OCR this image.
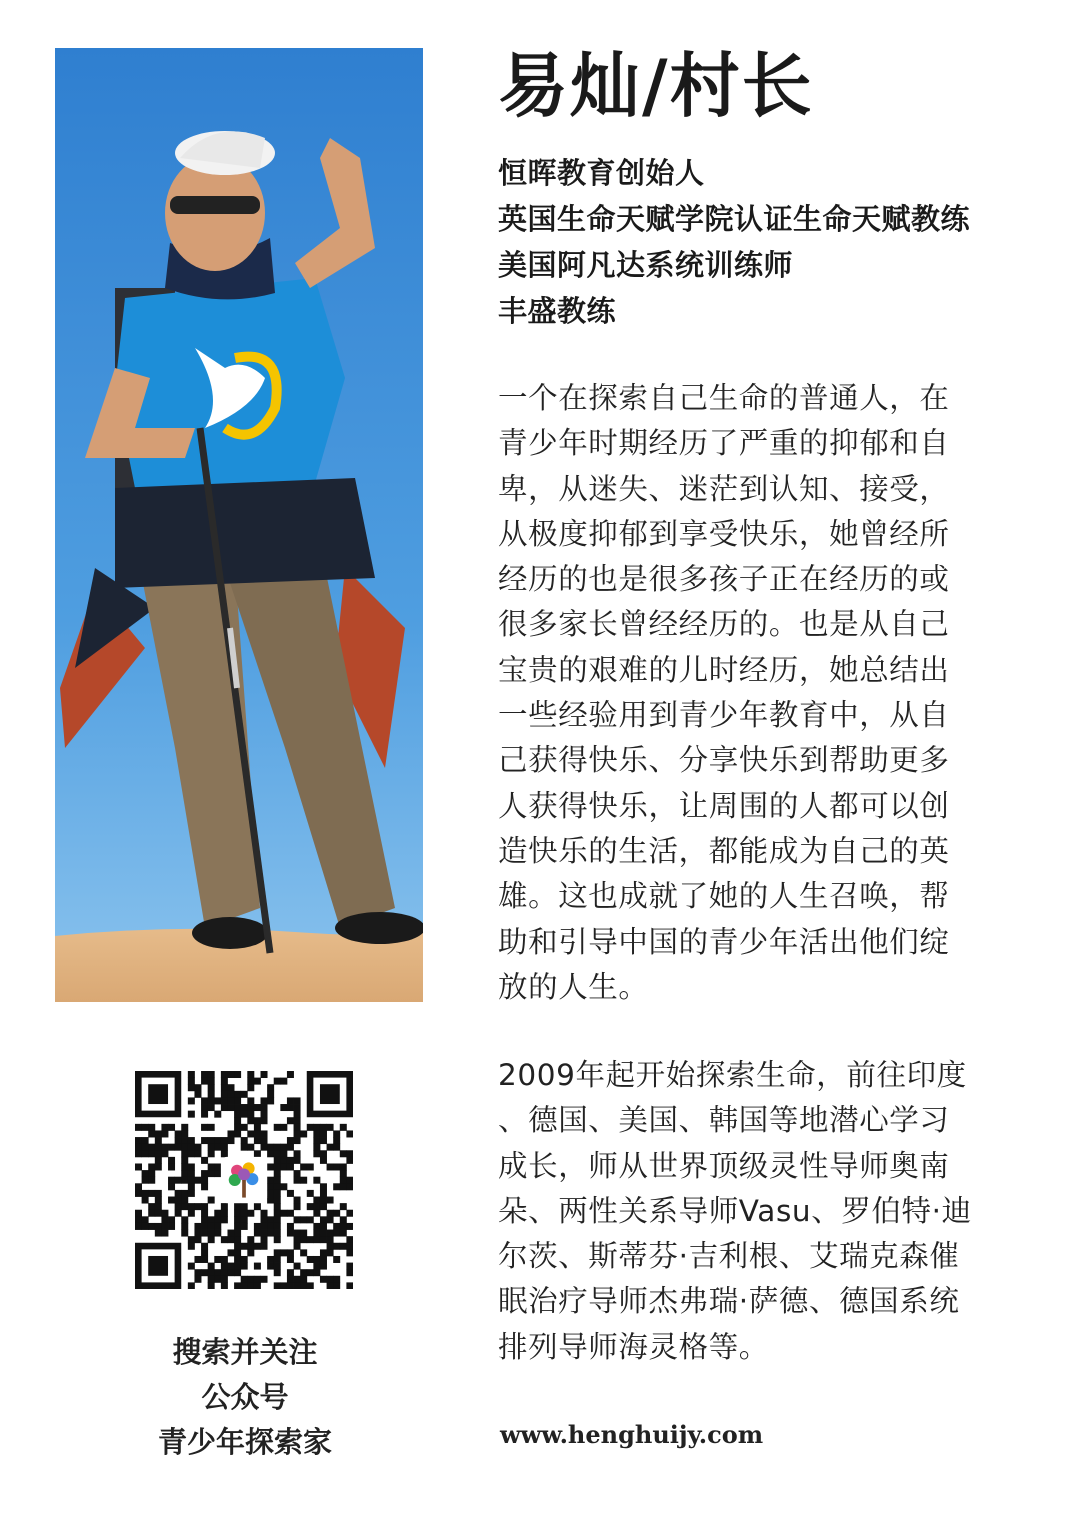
易灿/村长
恒晖教育创始人
英国生命天赋学院认证生命天赋教练
美国阿凡达系统训练师
丰盛教练
一个在探索自己生命的普通人，在
青少年时期经历了严重的抑郁和自
卑，从迷失、迷茫到认知、接受，
从极度抑郁到享受快乐，她曾经所
经历的也是很多孩子正在经历的或
很多家长曾经经历的。也是从自己
宝贵的艰难的儿时经历，她总结出
一些经验用到青少年教育中，从自
己获得快乐、分享快乐到帮助更多
人获得快乐，让周围的人都可以创
造快乐的生活，都能成为自己的英
雄。这也成就了她的人生召唤，帮
助和引导中国的青少年活出他们绽
放的人生。
2009年起开始探索生命，前往印度
、德国、美国、韩国等地潜心学习
成长，师从世界顶级灵性导师奥南
朵、两性关系导师Vasu、罗伯特·迪
尔茨、斯蒂芬·吉利根、艾瑞克森催
眠治疗导师杰弗瑞·萨德、德国系统
排列导师海灵格等。
www.henghuijy.com
搜索并关注
公众号
青少年探索家
